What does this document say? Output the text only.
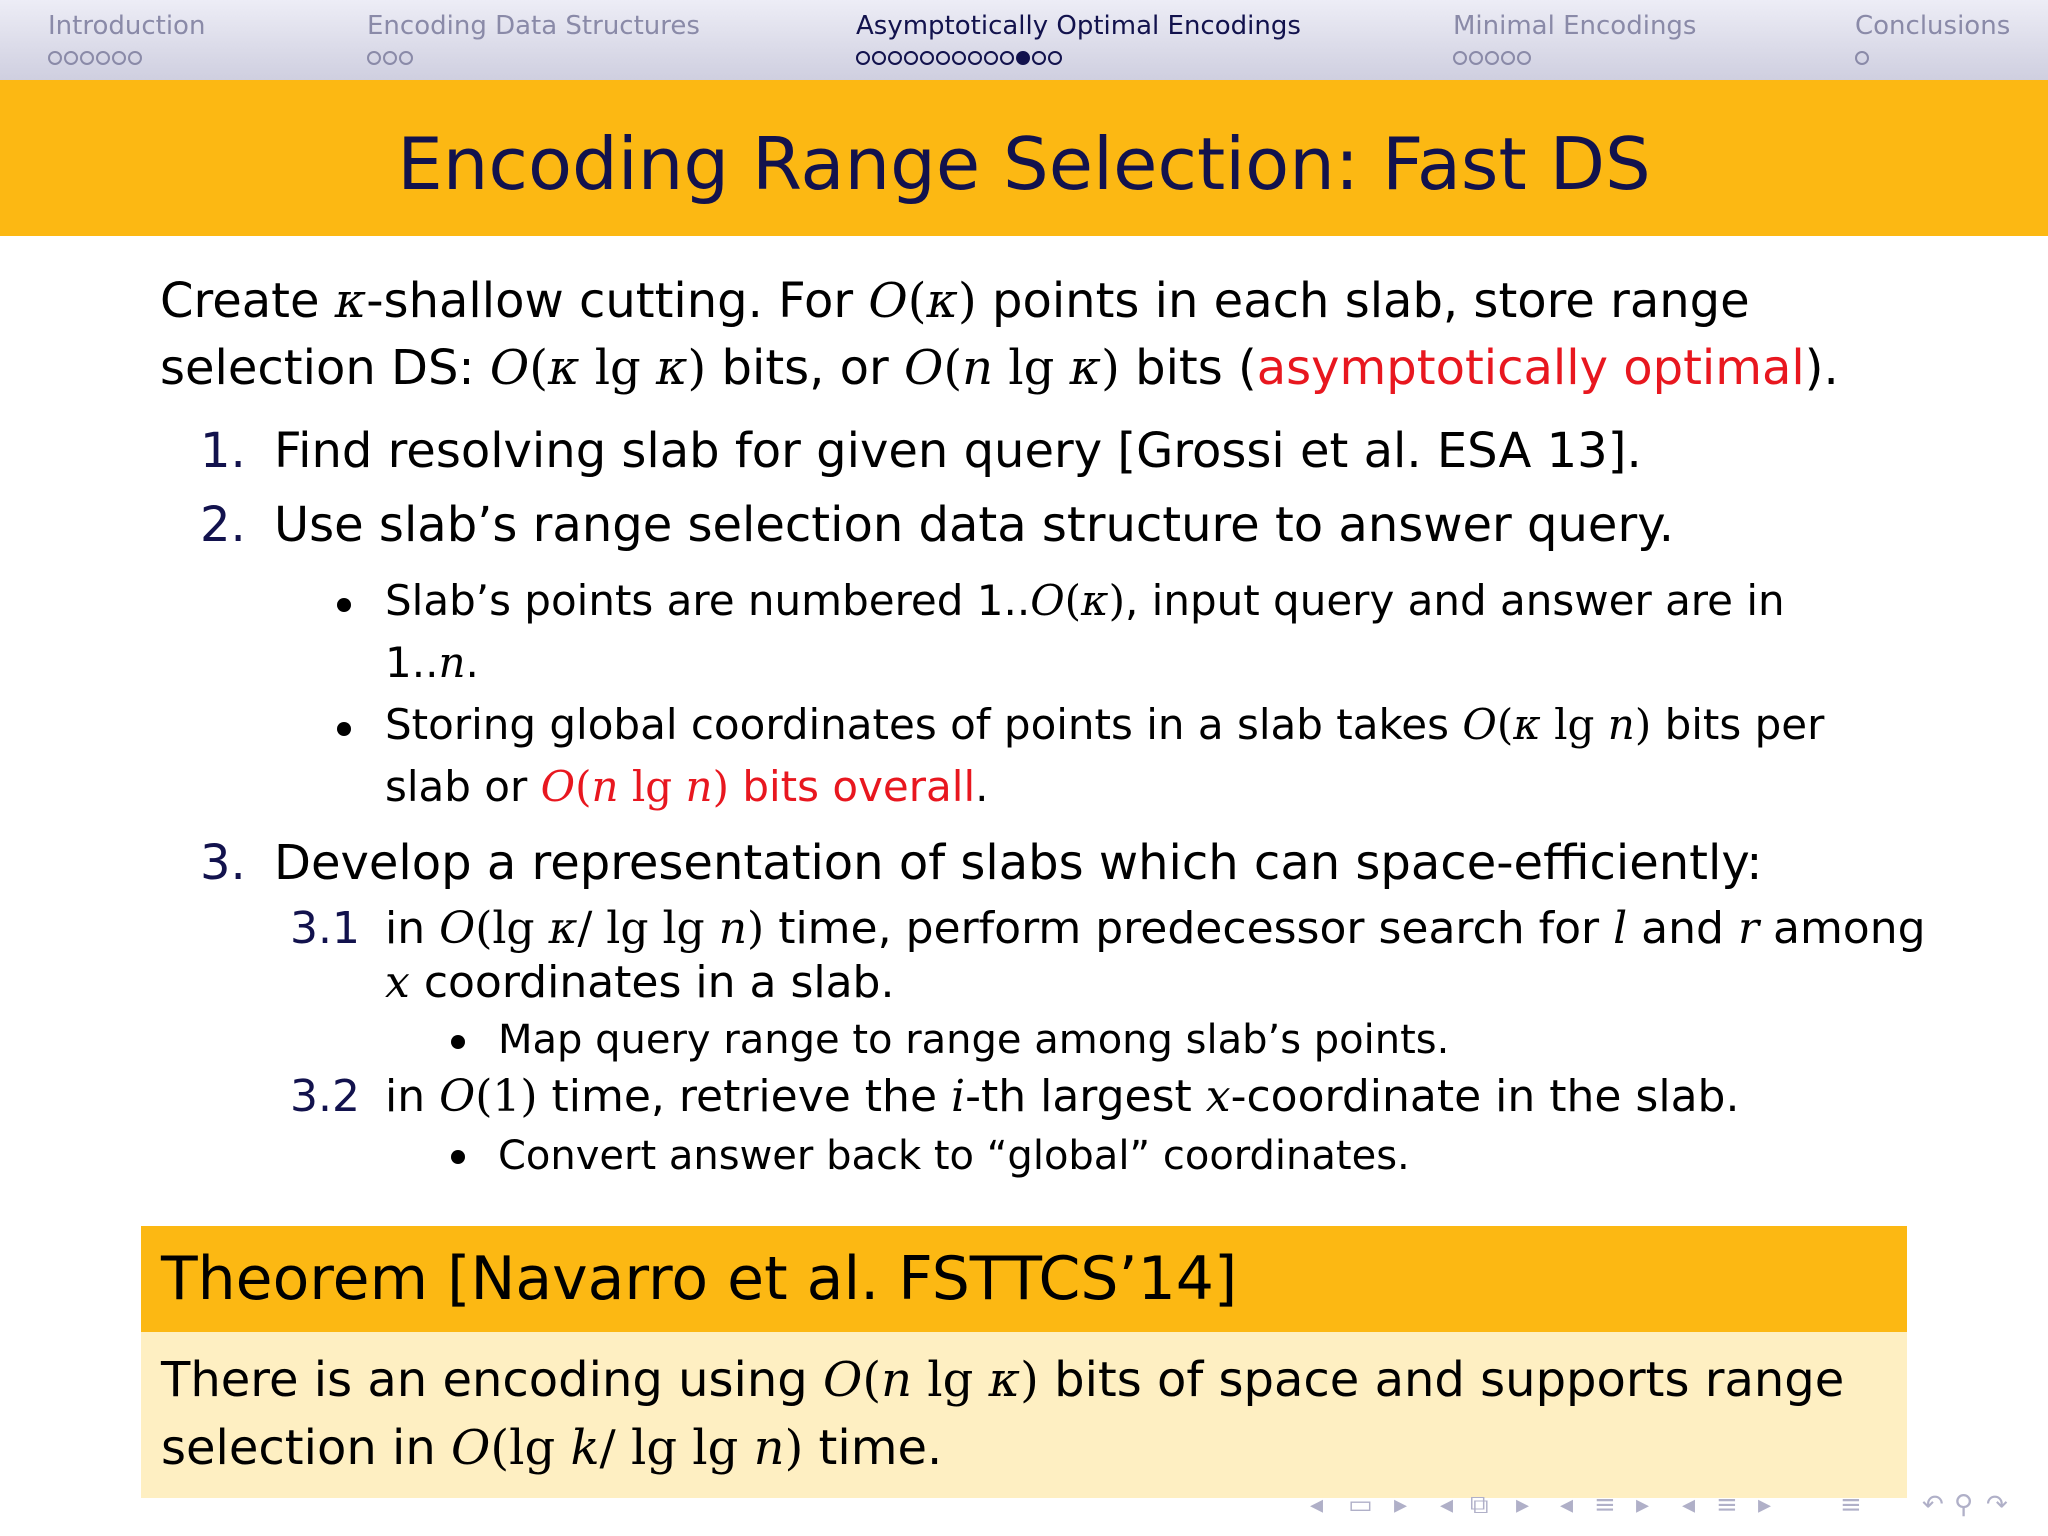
Introduction	Encoding Data Structures	Asymptotically Optimal Encodings	Minimal Encodings	Conclusions
Encoding Range Selection: Fast DS
Create κ-shallow cutting. For O(κ) points in each slab, store range
selection DS: O(κ lg κ) bits, or O(n lg κ) bits (asymptotically optimal).
1. Find resolving slab for given query [Grossi et al. ESA 13].
2. Use slab’s range selection data structure to answer query.
Slab’s points are numbered 1..O(κ), input query and answer are in
1..n.
Storing global coordinates of points in a slab takes O(κ lg n) bits per
slab or O(n lg n) bits overall.
3. Develop a representation of slabs which can space-efficiently:
3.1 in O(lg κ/ lg lg n) time, perform predecessor search for l and r among
x coordinates in a slab.
Map query range to range among slab’s points.
3.2 in O(1) time, retrieve the i-th largest x-coordinate in the slab.
Convert answer back to “global” coordinates.
Theorem [Navarro et al. FSTTCS’14]
There is an encoding using O(n lg κ) bits of space and supports range
selection in O(lg k/ lg lg n) time.
◂ ▭ ▸ ◂ ⧉ ▸ ◂ ≡ ▸ ◂ ≡ ▸	≡ ↶ ⚲ ↷
